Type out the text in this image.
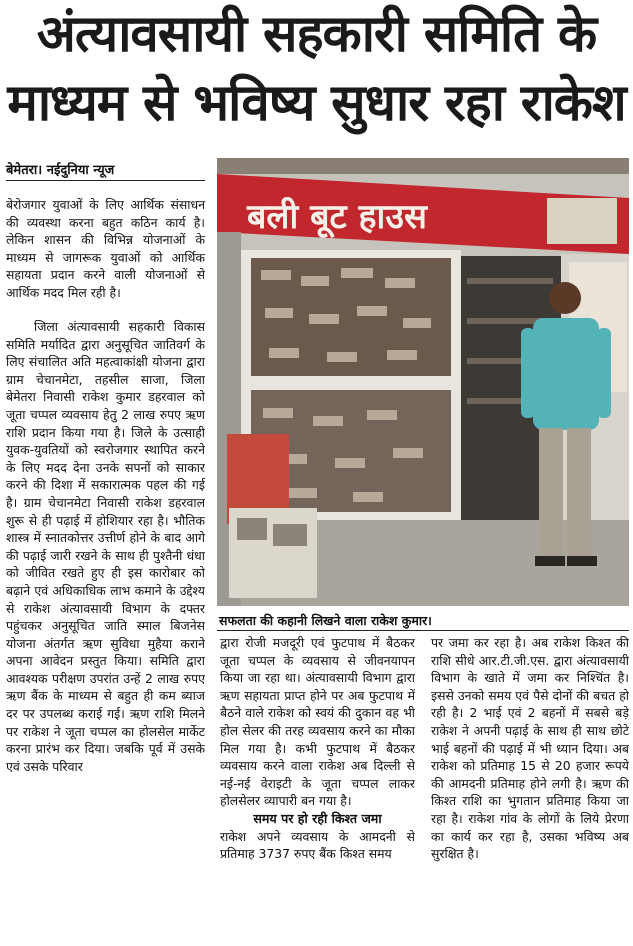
अंत्यावसायी सहकारी समिति के
माध्यम से भविष्य सुधार रहा राकेश
बेमेतरा। नईदुनिया न्यूज

बेरोजगार युवाओं के लिए आर्थिक संसाधन की व्यवस्था करना बहुत कठिन कार्य है। लेकिन शासन की विभिन्न योजनाओं के माध्यम से जागरूक युवाओं को आर्थिक सहायता प्रदान करने वाली योजनाओं से आर्थिक मदद मिल रही है।

जिला अंत्यावसायी सहकारी विकास समिति मर्यादित द्वारा अनुसूचित जातिवर्ग के लिए संचालित अति महत्वाकांक्षी योजना द्वारा ग्राम चेचानमेटा, तहसील साजा, जिला बेमेतरा निवासी राकेश कुमार डहरवाल को जूता चप्पल व्यवसाय हेतु 2 लाख रुपए ऋण राशि प्रदान किया गया है। जिले के उत्साही युवक-युवतियों को स्वरोजगार स्थापित करने के लिए मदद देना उनके सपनों को साकार करने की दिशा में सकारात्मक पहल की गई है। ग्राम चेचानमेटा निवासी राकेश डहरवाल शुरू से ही पढ़ाई में होशियार रहा है। भौतिक शास्त्र में स्नातकोत्तर उत्तीर्ण होने के बाद आगे की पढ़ाई जारी रखने के साथ ही पुश्तैनी धंधा को जीवित रखते हुए ही इस कारोबार को बढ़ाने एवं अधिकाधिक लाभ कमाने के उद्देश्य से राकेश अंत्यावसायी विभाग के दफ्तर पहुंचकर अनुसूचित जाति स्माल बिजनेस योजना अंतर्गत ऋण सुविधा मुहैया कराने अपना आवेदन प्रस्तुत किया। समिति द्वारा आवश्यक परीक्षण उपरांत उन्हें 2 लाख रुपए ऋण बैंक के माध्यम से बहुत ही कम ब्याज दर पर उपलब्ध कराई गई। ऋण राशि मिलने पर राकेश ने जूता चप्पल का होलसेल मार्केट करना प्रारंभ कर दिया। जबकि पूर्व में उसके एवं उसके परिवार

बली बूट हाउस
सफलता की कहानी लिखने वाला राकेश कुमार।

द्वारा रोजी मजदूरी एवं फुटपाथ में बैठकर जूता चप्पल के व्यवसाय से जीवनयापन किया जा रहा था। अंत्यावसायी विभाग द्वारा ऋण सहायता प्राप्त होने पर अब फुटपाथ में बैठने वाले राकेश को स्वयं की दुकान वह भी होल सेलर की तरह व्यवसाय करने का मौका मिल गया है। कभी फुटपाथ में बैठकर व्यवसाय करने वाला राकेश अब दिल्ली से नई-नई वेराइटी के जूता चप्पल लाकर होलसेलर व्यापारी बन गया है।

समय पर हो रही किश्त जमा

राकेश अपने व्यवसाय के आमदनी से प्रतिमाह 3737 रुपए बैंक किश्त समय

पर जमा कर रहा है। अब राकेश किश्त की राशि सीधे आर.टी.जी.एस. द्वारा अंत्यावसायी विभाग के खाते में जमा कर निश्चिंत है। इससे उनको समय एवं पैसे दोनों की बचत हो रही है। 2 भाई एवं 2 बहनों में सबसे बड़े राकेश ने अपनी पढ़ाई के साथ ही साथ छोटे भाई बहनों की पढ़ाई में भी ध्यान दिया। अब राकेश को प्रतिमाह 15 से 20 हजार रूपये की आमदनी प्रतिमाह होने लगी है। ऋण की किश्त राशि का भुगतान प्रतिमाह किया जा रहा है। राकेश गांव के लोगों के लिये प्रेरणा का कार्य कर रहा है, उसका भविष्य अब सुरक्षित है।
